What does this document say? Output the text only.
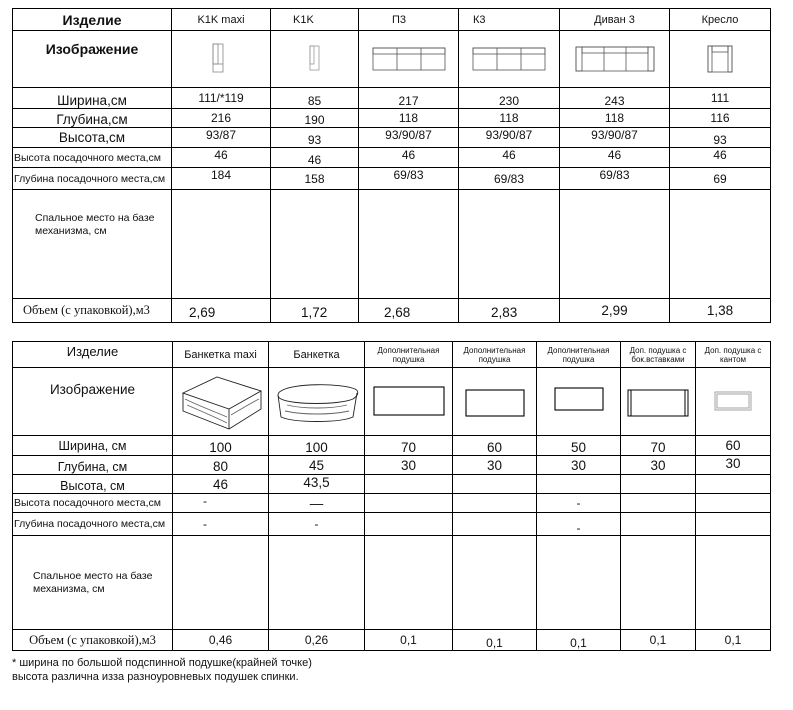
Изделие	K1K maxi	K1K	П3	К3	Диван 3	Кресло
Изображение	

Ширина,см	111/*119	85	217	230	243	111
Глубина,см	216	190	118	118	118	116
Высота,см	93/87	93	93/90/87	93/90/87	93/90/87	93
Высота посадочного места,см	46	46	46	46	46	46
Глубина посадочного места,см	184	158	69/83	69/83	69/83	69
Спальное место на базе механизма, см						
Объем (с упаковкой),м3	2,69	1,72	2,68	2,83	2,99	1,38
Изделие	Банкетка maxi	Банкетка	Дополнительная подушка	Дополнительная подушка	Дополнительная подушка	Доп. подушка с бок.вставками	Доп. подушка с кантом
Изображение	

Ширина, см	100	100	70	60	50	70	60
Глубина, см	80	45	30	30	30	30	30
Высота, см	46	43,5					
Высота посадочного места,см	-	—			-		
Глубина посадочного места,см	-	-			-		
Спальное место на базе механизма, см							
Объем (с упаковкой),м3	0,46	0,26	0,1	0,1	0,1	0,1	0,1
* ширина по большой подспинной подушке(крайней точке)
высота различна изза разноуровневых подушек спинки.
